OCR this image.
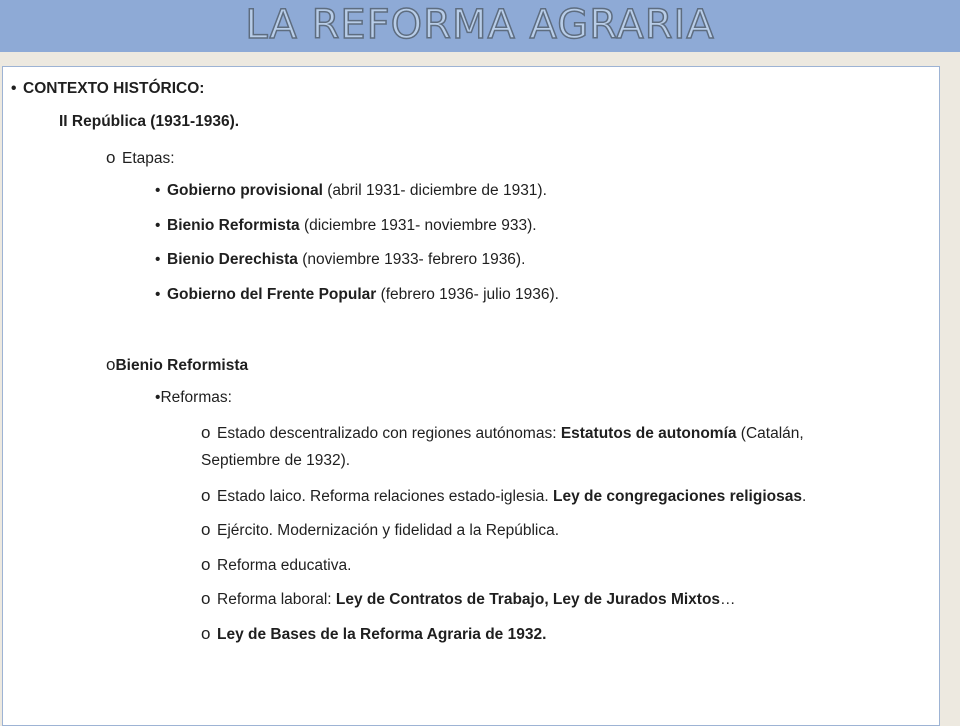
LA REFORMA AGRARIA
• CONTEXTO HISTÓRICO:
II República (1931-1936).
o Etapas:
• Gobierno provisional (abril 1931- diciembre de 1931).
• Bienio Reformista (diciembre 1931- noviembre 933).
• Bienio Derechista (noviembre 1933- febrero 1936).
• Gobierno del Frente Popular (febrero 1936- julio 1936).
oBienio Reformista
•Reformas:
o Estado descentralizado con regiones autónomas: Estatutos de autonomía (Catalán,
Septiembre de 1932).
o Estado laico. Reforma relaciones estado-iglesia. Ley de congregaciones religiosas.
o Ejército. Modernización y fidelidad a la República.
o Reforma educativa.
o Reforma laboral: Ley de Contratos de Trabajo, Ley de Jurados Mixtos…
o Ley de Bases de la Reforma Agraria de 1932.
